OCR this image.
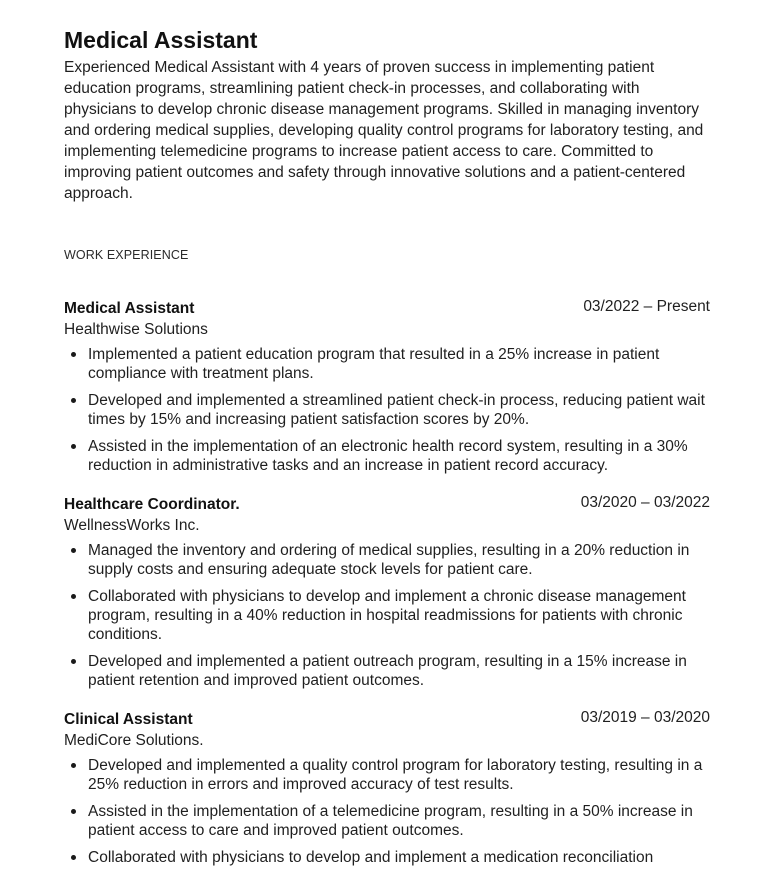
Medical Assistant

Experienced Medical Assistant with 4 years of proven success in implementing patient education programs, streamlining patient check-in processes, and collaborating with physicians to develop chronic disease management programs. Skilled in managing inventory and ordering medical supplies, developing quality control programs for laboratory testing, and implementing telemedicine programs to increase patient access to care. Committed to improving patient outcomes and safety through innovative solutions and a patient-centered approach.

WORK EXPERIENCE
Medical Assistant	03/2022 – Present
Healthwise Solutions
Implemented a patient education program that resulted in a 25% increase in patient compliance with treatment plans.
Developed and implemented a streamlined patient check-in process, reducing patient wait times by 15% and increasing patient satisfaction scores by 20%.
Assisted in the implementation of an electronic health record system, resulting in a 30% reduction in administrative tasks and an increase in patient record accuracy.
Healthcare Coordinator.	03/2020 – 03/2022
WellnessWorks Inc.
Managed the inventory and ordering of medical supplies, resulting in a 20% reduction in supply costs and ensuring adequate stock levels for patient care.
Collaborated with physicians to develop and implement a chronic disease management program, resulting in a 40% reduction in hospital readmissions for patients with chronic conditions.
Developed and implemented a patient outreach program, resulting in a 15% increase in patient retention and improved patient outcomes.
Clinical Assistant	03/2019 – 03/2020
MediCore Solutions.
Developed and implemented a quality control program for laboratory testing, resulting in a 25% reduction in errors and improved accuracy of test results.
Assisted in the implementation of a telemedicine program, resulting in a 50% increase in patient access to care and improved patient outcomes.
Collaborated with physicians to develop and implement a medication reconciliation
